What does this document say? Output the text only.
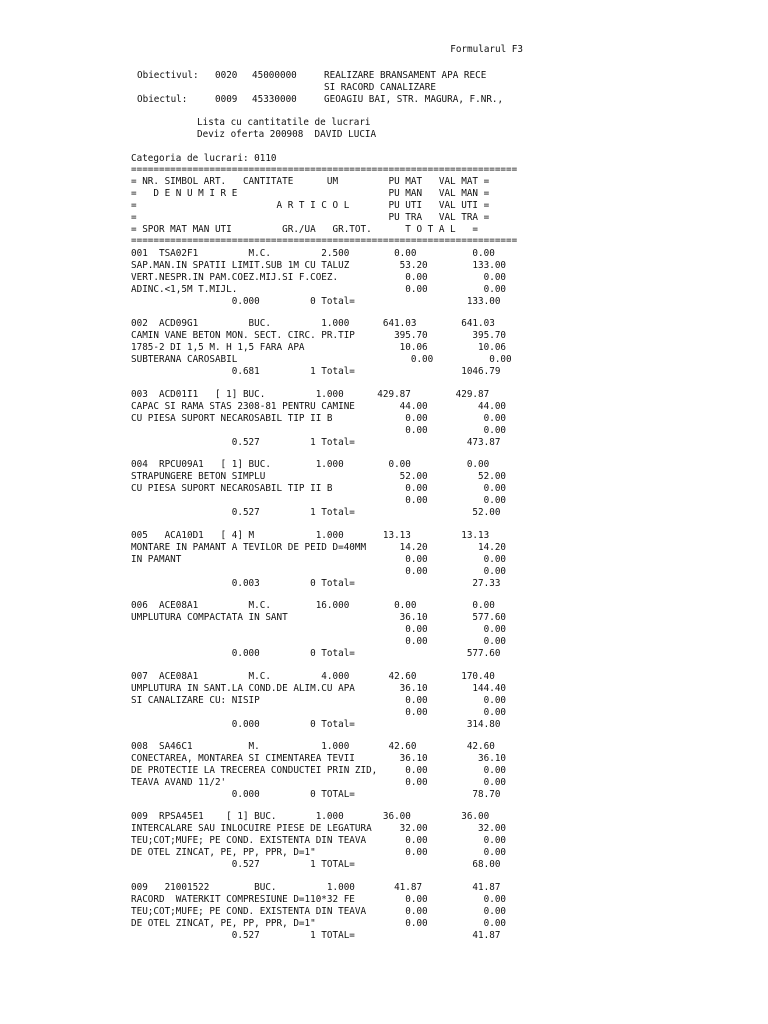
Formularul F3
Obiectivul: 0020 45000000	REALIZARE BRANSAMENT APA RECE
SI RACORD CANALIZARE
Obiectul:	0009 45330000	GEOAGIU BAI, STR. MAGURA, F.NR.,
Lista cu cantitatile de lucrari
Deviz oferta 200908  DAVID LUCIA
Categoria de lucrari: 0110
=====================================================================
= NR. SIMBOL ART.   CANTITATE      UM         PU MAT   VAL MAT =
=   D E N U M I R E                           PU MAN   VAL MAN =
=                         A R T I C O L       PU UTI   VAL UTI =
=                                             PU TRA   VAL TRA =
= SPOR MAT MAN UTI         GR./UA   GR.TOT.      T O T A L   =
=====================================================================
001  TSA02F1         M.C.         2.500        0.00          0.00
SAP.MAN.IN SPATII LIMIT.SUB 1M CU TALUZ         53.20        133.00
VERT.NESPR.IN PAM.COEZ.MIJ.SI F.COEZ.            0.00          0.00
ADINC.<1,5M T.MIJL.                              0.00          0.00
0.000         0 Total=                    133.00
002  ACD09G1         BUC.         1.000      641.03        641.03
CAMIN VANE BETON MON. SECT. CIRC. PR.TIP       395.70        395.70
1785-2 DI 1,5 M. H 1,5 FARA APA                 10.06         10.06
SUBTERANA CAROSABIL                               0.00          0.00
0.681         1 Total=                   1046.79
003  ACD01I1   [ 1] BUC.         1.000      429.87        429.87
CAPAC SI RAMA STAS 2308-81 PENTRU CAMINE        44.00         44.00
CU PIESA SUPORT NECAROSABIL TIP II B             0.00          0.00
0.00          0.00
0.527         1 Total=                    473.87
004  RPCU09A1   [ 1] BUC.        1.000        0.00          0.00
STRAPUNGERE BETON SIMPLU                        52.00         52.00
CU PIESA SUPORT NECAROSABIL TIP II B             0.00          0.00
0.00          0.00
0.527         1 Total=                     52.00
005   ACA10D1   [ 4] M           1.000       13.13         13.13
MONTARE IN PAMANT A TEVILOR DE PEID D=40MM      14.20         14.20
IN PAMANT                                        0.00          0.00
0.00          0.00
0.003         0 Total=                     27.33
006  ACE08A1         M.C.        16.000        0.00          0.00
UMPLUTURA COMPACTATA IN SANT                    36.10        577.60
0.00          0.00
0.00          0.00
0.000         0 Total=                    577.60
007  ACE08A1         M.C.         4.000       42.60        170.40
UMPLUTURA IN SANT.LA COND.DE ALIM.CU APA        36.10        144.40
SI CANALIZARE CU: NISIP                          0.00          0.00
0.00          0.00
0.000         0 Total=                    314.80
008  SA46C1          M.           1.000       42.60         42.60
CONECTAREA, MONTAREA SI CIMENTAREA TEVII        36.10         36.10
DE PROTECTIE LA TRECEREA CONDUCTEI PRIN ZID,     0.00          0.00
TEAVA AVAND 11/2'                                0.00          0.00
0.000         0 TOTAL=                     78.70
009  RPSA45E1    [ 1] BUC.       1.000       36.00         36.00
INTERCALARE SAU INLOCUIRE PIESE DE LEGATURA     32.00         32.00
TEU;COT;MUFE; PE COND. EXISTENTA DIN TEAVA       0.00          0.00
DE OTEL ZINCAT, PE, PP, PPR, D=1"                0.00          0.00
0.527         1 TOTAL=                     68.00
009   21001522        BUC.         1.000       41.87         41.87
RACORD  WATERKIT COMPRESIUNE D=110*32 FE         0.00          0.00
TEU;COT;MUFE; PE COND. EXISTENTA DIN TEAVA       0.00          0.00
DE OTEL ZINCAT, PE, PP, PPR, D=1"                0.00          0.00
0.527         1 TOTAL=                     41.87
